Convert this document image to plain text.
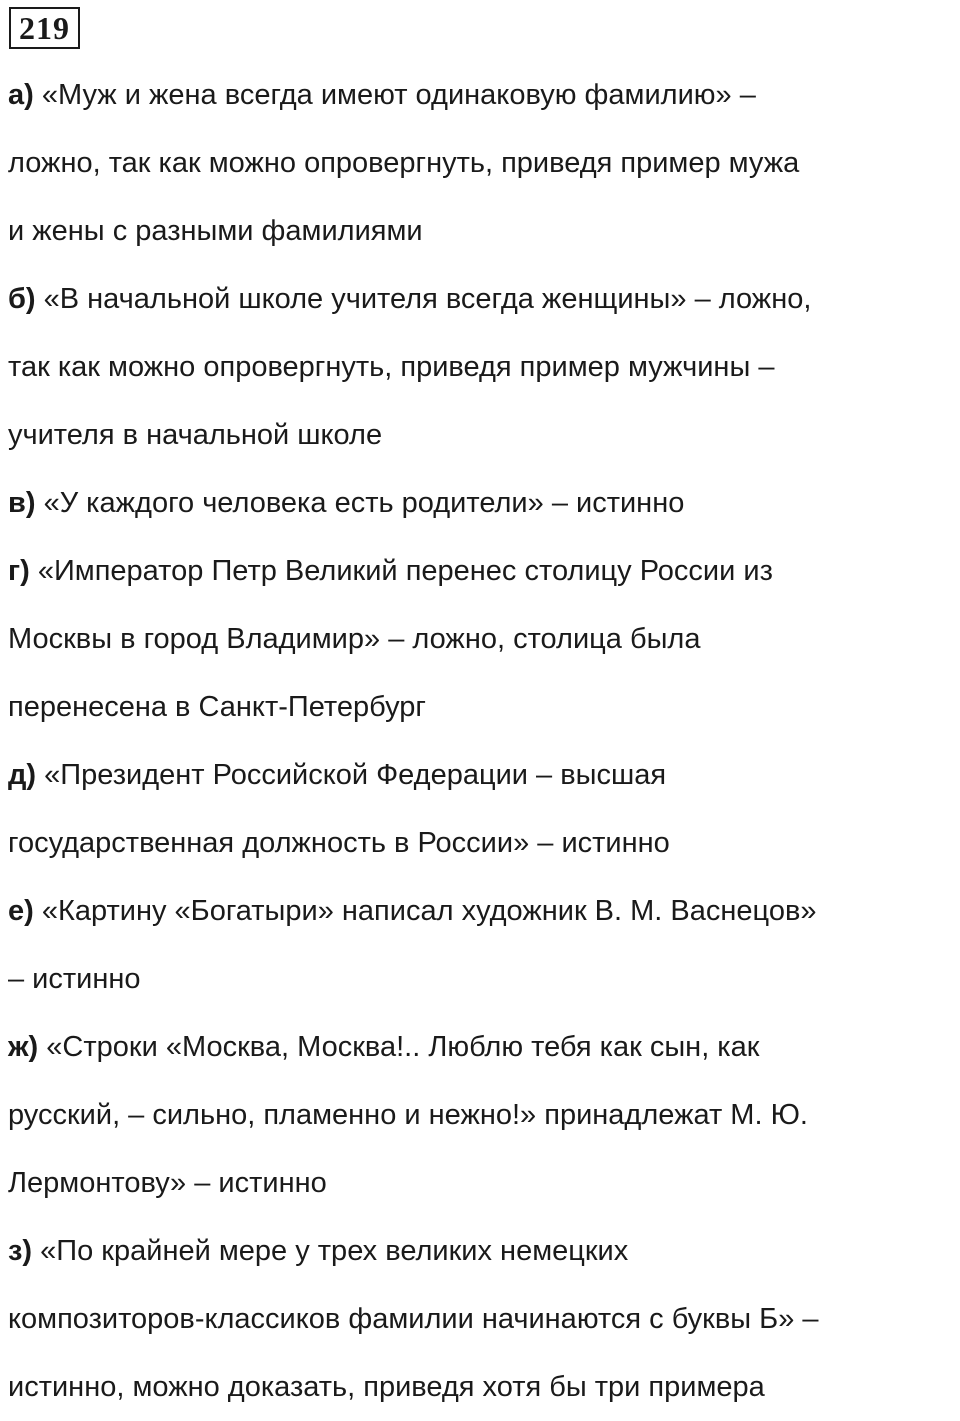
219
а) «Муж и жена всегда имеют одинаковую фамилию» –
ложно, так как можно опровергнуть, приведя пример мужа
и жены с разными фамилиями
б) «В начальной школе учителя всегда женщины» – ложно,
так как можно опровергнуть, приведя пример мужчины –
учителя в начальной школе
в) «У каждого человека есть родители» – истинно
г) «Император Петр Великий перенес столицу России из
Москвы в город Владимир» – ложно, столица была
перенесена в Санкт-Петербург
д) «Президент Российской Федерации – высшая
государственная должность в России» – истинно
е) «Картину «Богатыри» написал художник В. М. Васнецов»
– истинно
ж) «Строки «Москва, Москва!.. Люблю тебя как сын, как
русский, – сильно, пламенно и нежно!» принадлежат М. Ю.
Лермонтову» – истинно
з) «По крайней мере у трех великих немецких
композиторов-классиков фамилии начинаются с буквы Б» –
истинно, можно доказать, приведя хотя бы три примера
